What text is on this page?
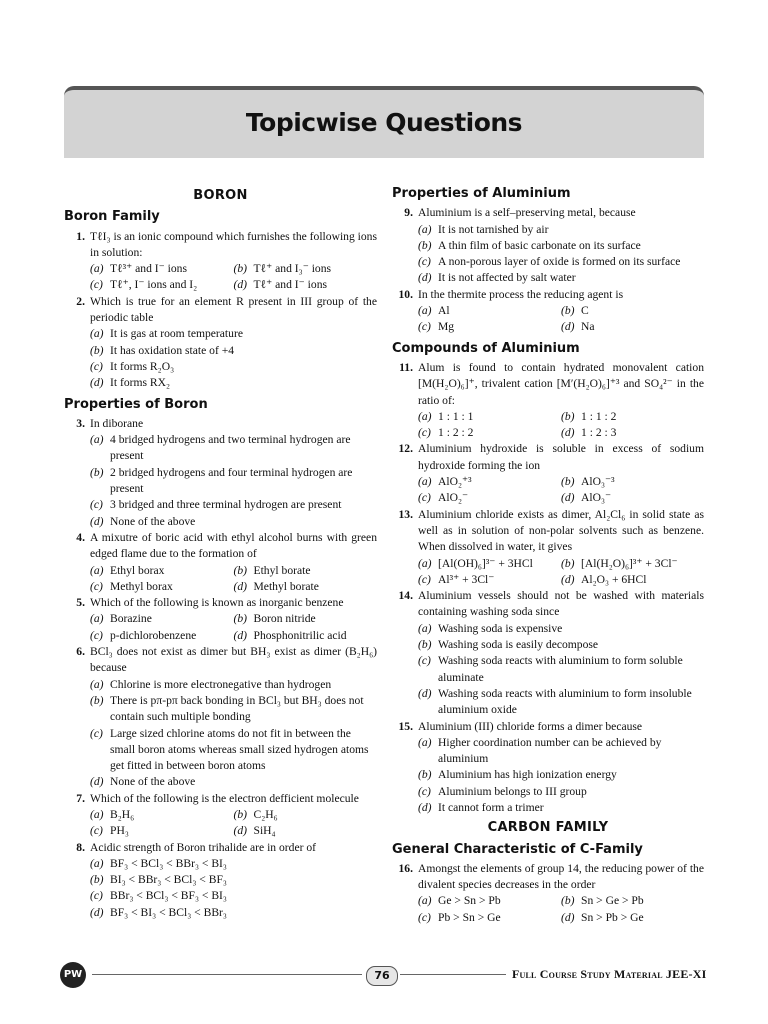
Topicwise Questions
BORON
Boron Family
1. TℓI₃ is an ionic compound which furnishes the following ions in solution:
(a) Tℓ³⁺ and I⁻ ions	(b) Tℓ⁺ and I₃⁻ ions
(c) Tℓ⁺, I⁻ ions and I₂	(d) Tℓ⁺ and I⁻ ions
2. Which is true for an element R present in III group of the periodic table
(a) It is gas at room temperature
(b) It has oxidation state of +4
(c) It forms R₂O₃
(d) It forms RX₂
Properties of Boron
3. In diborane
(a) 4 bridged hydrogens and two terminal hydrogen are present
(b) 2 bridged hydrogens and four terminal hydrogen are present
(c) 3 bridged and three terminal hydrogen are present
(d) None of the above
4. A mixutre of boric acid with ethyl alcohol burns with green edged flame due to the formation of
(a) Ethyl borax	(b) Ethyl borate
(c) Methyl borax	(d) Methyl borate
5. Which of the following is known as inorganic benzene
(a) Borazine	(b) Boron nitride
(c) p-dichlorobenzene	(d) Phosphonitrilic acid
6. BCl₃ does not exist as dimer but BH₃ exist as dimer (B₂H₆) because
(a) Chlorine is more electronegative than hydrogen
(b) There is pπ-pπ back bonding in BCl₃ but BH₃ does not contain such multiple bonding
(c) Large sized chlorine atoms do not fit in between the small boron atoms whereas small sized hydrogen atoms get fitted in between boron atoms
(d) None of the above
7. Which of the following is the electron defficient molecule
(a) B₂H₆	(b) C₂H₆
(c) PH₃	(d) SiH₄
8. Acidic strength of Boron trihalide are in order of
(a) BF₃ < BCl₃ < BBr₃ < BI₃
(b) BI₃ < BBr₃ < BCl₃ < BF₃
(c) BBr₃ < BCl₃ < BF₃ < BI₃
(d) BF₃ < BI₃ < BCl₃ < BBr₃
Properties of Aluminium
9. Aluminium is a self–preserving metal, because
(a) It is not tarnished by air
(b) A thin film of basic carbonate on its surface
(c) A non-porous layer of oxide is formed on its surface
(d) It is not affected by salt water
10. In the thermite process the reducing agent is
(a) Al	(b) C
(c) Mg	(d) Na
Compounds of Aluminium
11. Alum is found to contain hydrated monovalent cation [M(H₂O)₆]⁺, trivalent cation [M′(H₂O)₆]⁺³ and SO₄²⁻ in the ratio of:
(a) 1 : 1 : 1	(b) 1 : 1 : 2
(c) 1 : 2 : 2	(d) 1 : 2 : 3
12. Aluminium hydroxide is soluble in excess of sodium hydroxide forming the ion
(a) AlO₂⁺³	(b) AlO₃⁻³
(c) AlO₂⁻	(d) AlO₃⁻
13. Aluminium chloride exists as dimer, Al₂Cl₆ in solid state as well as in solution of non-polar solvents such as benzene. When dissolved in water, it gives
(a) [Al(OH)₆]³⁻ + 3HCl (b) [Al(H₂O)₆]³⁺ + 3Cl⁻
(c) Al³⁺ + 3Cl⁻	(d) Al₂O₃ + 6HCl
14. Aluminium vessels should not be washed with materials containing washing soda since
(a) Washing soda is expensive
(b) Washing soda is easily decompose
(c) Washing soda reacts with aluminium to form soluble aluminate
(d) Washing soda reacts with aluminium to form insoluble aluminium oxide
15. Aluminium (III) chloride forms a dimer because
(a) Higher coordination number can be achieved by aluminium
(b) Aluminium has high ionization energy
(c) Aluminium belongs to III group
(d) It cannot form a trimer
CARBON FAMILY
General Characteristic of C-Family
16. Amongst the elements of group 14, the reducing power of the divalent species decreases in the order
(a) Ge > Sn > Pb	(b) Sn > Ge > Pb
(c) Pb > Sn > Ge	(d) Sn > Pb > Ge
PW	76	Full Course Study Material JEE-XI
